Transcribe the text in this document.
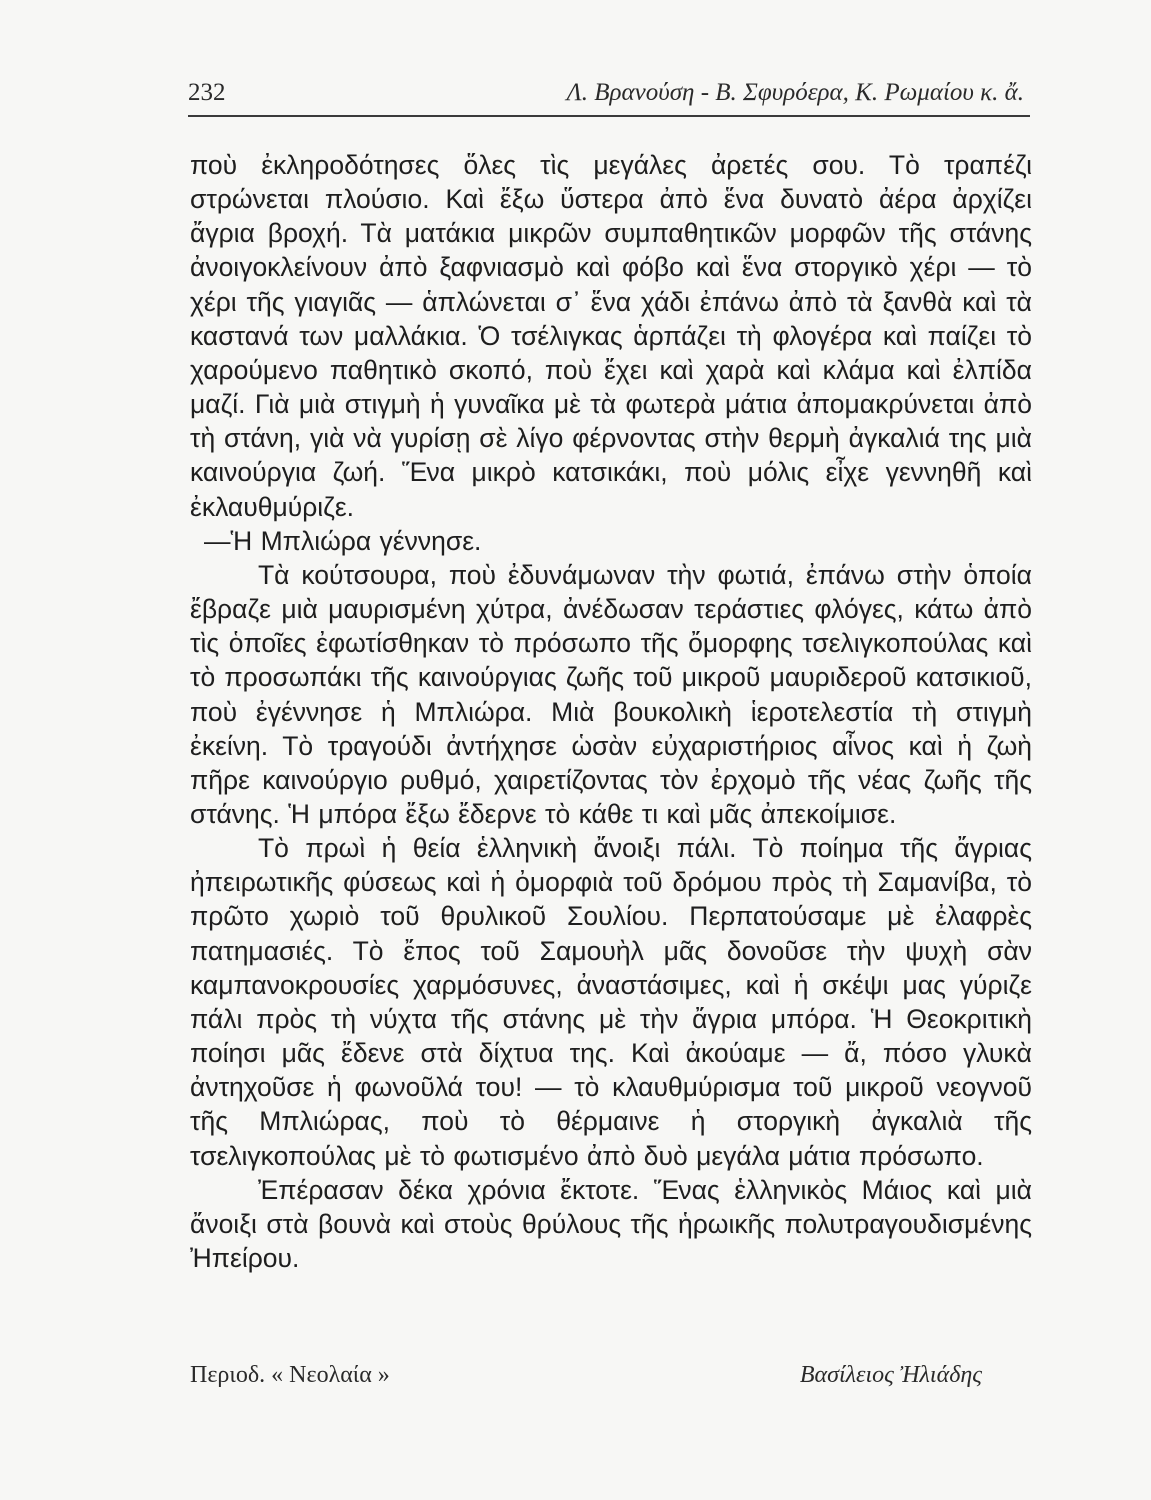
232	Λ. Βρανούση - Β. Σφυρόερα, Κ. Ρωμαίου κ. ἄ.

ποὺ ἐκληροδότησες ὅλες τὶς μεγάλες ἀρετές σου. Τὸ τραπέζι στρώνεται πλούσιο. Καὶ ἔξω ὕστερα ἀπὸ ἕνα δυνατὸ ἀέρα ἀρχίζει ἄγρια βροχή. Τὰ ματάκια μικρῶν συμπαθητικῶν μορφῶν τῆς στάνης ἀνοιγοκλείνουν ἀπὸ ξαφνιασμὸ καὶ φόβο καὶ ἕνα στοργικὸ χέρι — τὸ χέρι τῆς γιαγιᾶς — ἁπλώνεται σ᾽ ἕνα χάδι ἐπάνω ἀπὸ τὰ ξανθὰ καὶ τὰ καστανά των μαλλάκια. Ὁ τσέλιγκας ἁρπάζει τὴ φλογέρα καὶ παίζει τὸ χαρούμενο παθητικὸ σκοπό, ποὺ ἔχει καὶ χαρὰ καὶ κλάμα καὶ ἐλπίδα μαζί. Γιὰ μιὰ στιγμὴ ἡ γυναῖκα μὲ τὰ φωτερὰ μάτια ἀπομακρύνεται ἀπὸ τὴ στάνη, γιὰ νὰ γυρίσῃ σὲ λίγο φέρνοντας στὴν θερμὴ ἀγκαλιά της μιὰ καινούργια ζωή. Ἕνα μικρὸ κατσικάκι, ποὺ μόλις εἶχε γεννηθῆ καὶ ἐκλαυθμύριζε.

—Ἡ Μπλιώρα γέννησε.

Τὰ κούτσουρα, ποὺ ἐδυνάμωναν τὴν φωτιά, ἐπάνω στὴν ὁποία ἔβραζε μιὰ μαυρισμένη χύτρα, ἀνέδωσαν τεράστιες φλόγες, κάτω ἀπὸ τὶς ὁποῖες ἐφωτίσθηκαν τὸ πρόσωπο τῆς ὄμορφης τσελιγκοπούλας καὶ τὸ προσωπάκι τῆς καινούργιας ζωῆς τοῦ μικροῦ μαυριδεροῦ κατσικιοῦ, ποὺ ἐγέννησε ἡ Μπλιώρα. Μιὰ βουκολικὴ ἱεροτελεστία τὴ στιγμὴ ἐκείνη. Τὸ τραγούδι ἀντήχησε ὡσὰν εὐχαριστήριος αἶνος καὶ ἡ ζωὴ πῆρε καινούργιο ρυθμό, χαιρετίζοντας τὸν ἐρχομὸ τῆς νέας ζωῆς τῆς στάνης. Ἡ μπόρα ἔξω ἔδερνε τὸ κάθε τι καὶ μᾶς ἀπεκοίμισε.

Τὸ πρωὶ ἡ θεία ἑλληνικὴ ἄνοιξι πάλι. Τὸ ποίημα τῆς ἄγριας ἠπειρωτικῆς φύσεως καὶ ἡ ὀμορφιὰ τοῦ δρόμου πρὸς τὴ Σαμανίβα, τὸ πρῶτο χωριὸ τοῦ θρυλικοῦ Σουλίου. Περπατούσαμε μὲ ἐλαφρὲς πατημασιές. Τὸ ἔπος τοῦ Σαμουὴλ μᾶς δονοῦσε τὴν ψυχὴ σὰν καμπανοκρουσίες χαρμόσυνες, ἀναστάσιμες, καὶ ἡ σκέψι μας γύριζε πάλι πρὸς τὴ νύχτα τῆς στάνης μὲ τὴν ἄγρια μπόρα. Ἡ Θεοκριτικὴ ποίησι μᾶς ἔδενε στὰ δίχτυα της. Καὶ ἀκούαμε — ἄ, πόσο γλυκὰ ἀντηχοῦσε ἡ φωνοῦλά του! — τὸ κλαυθμύρισμα τοῦ μικροῦ νεογνοῦ τῆς Μπλιώρας, ποὺ τὸ θέρμαινε ἡ στοργικὴ ἀγκαλιὰ τῆς τσελιγκοπούλας μὲ τὸ φωτισμένο ἀπὸ δυὸ μεγάλα μάτια πρόσωπο.

Ἐπέρασαν δέκα χρόνια ἔκτοτε. Ἕνας ἑλληνικὸς Μάιος καὶ μιὰ ἄνοιξι στὰ βουνὰ καὶ στοὺς θρύλους τῆς ἡρωικῆς πολυτραγουδισμένης Ἠπείρου.

Περιοδ. « Νεολαία »	Βασίλειος Ἠλιάδης
